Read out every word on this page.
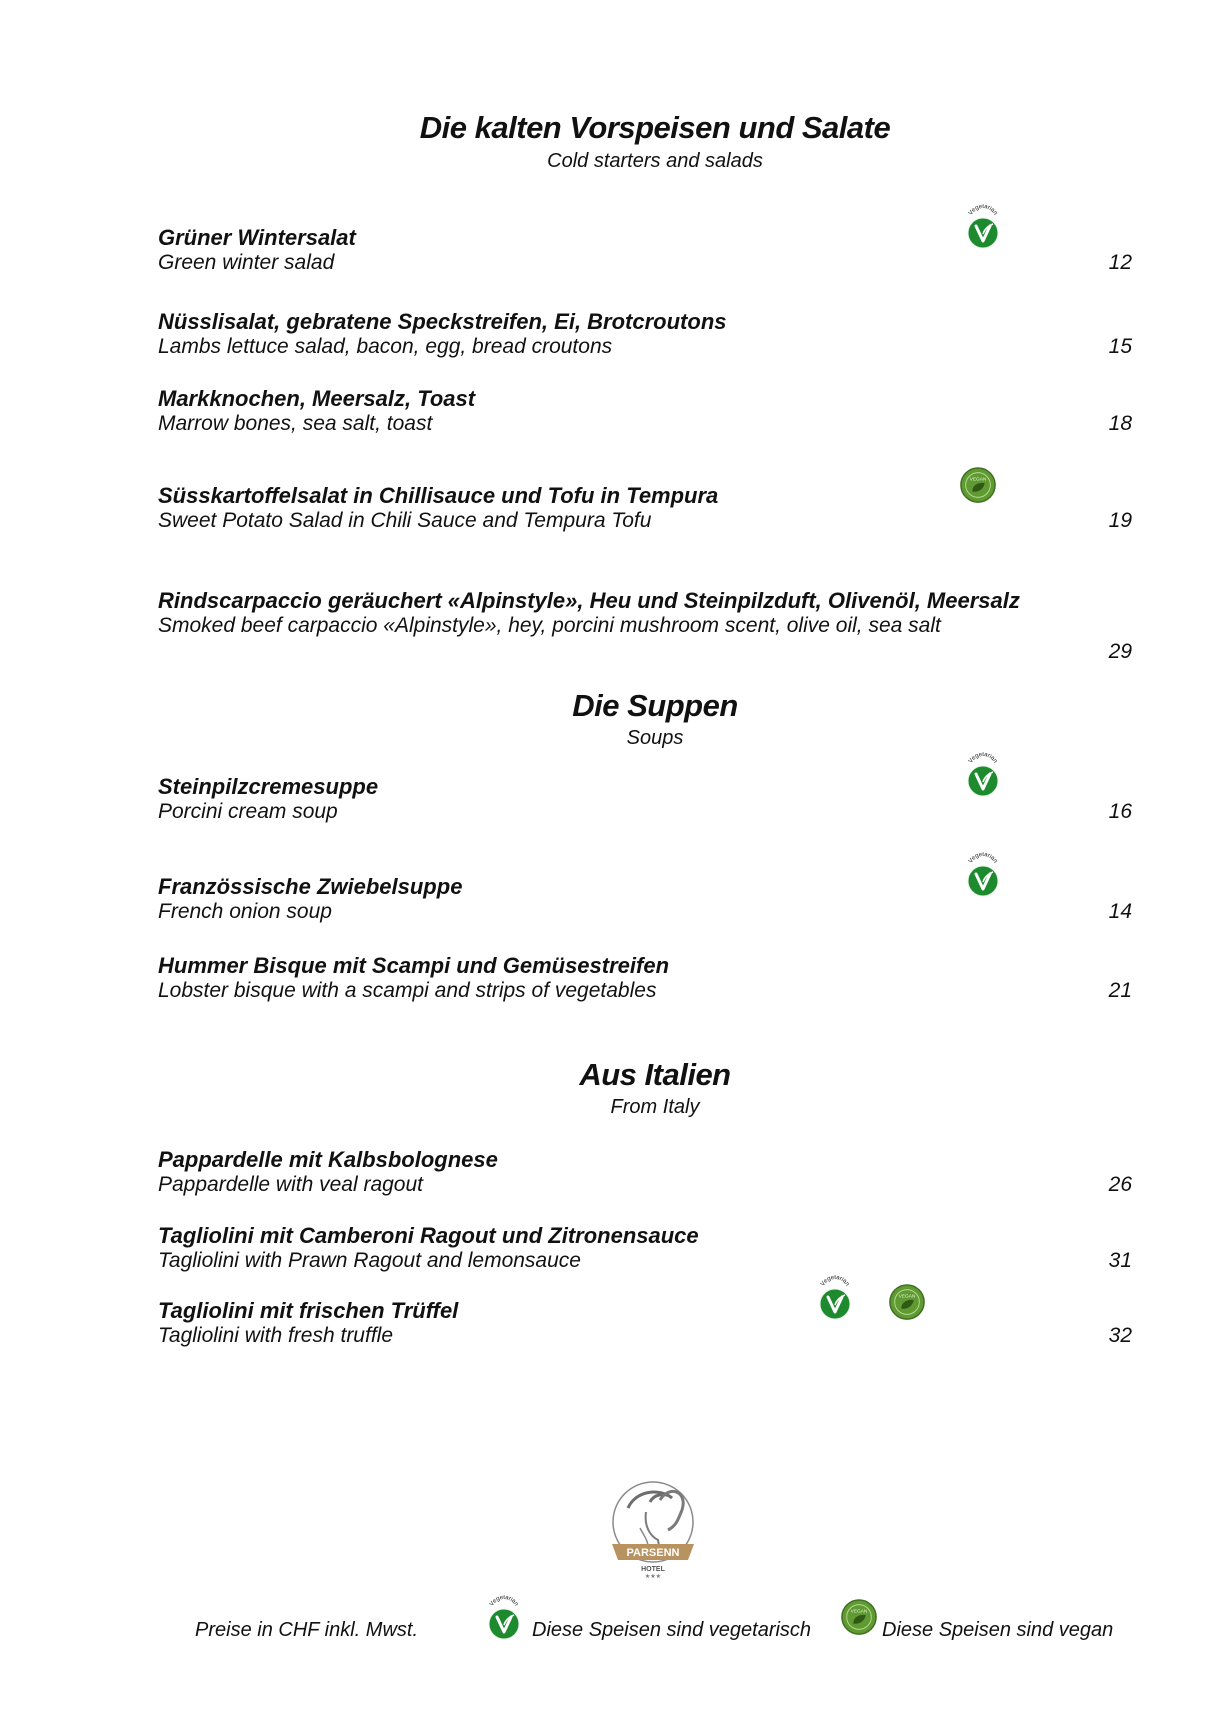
Die kalten Vorspeisen und Salate
Cold starters and salads
Grüner Wintersalat
Green winter salad	12
Nüsslisalat, gebratene Speckstreifen, Ei, Brotcroutons
Lambs lettuce salad, bacon, egg, bread croutons	15
Markknochen, Meersalz, Toast
Marrow bones, sea salt, toast	18
Süsskartoffelsalat in Chillisauce und Tofu in Tempura
Sweet Potato Salad in Chili Sauce and Tempura Tofu	19
Rindscarpaccio geräuchert «Alpinstyle», Heu und Steinpilzduft, Olivenöl, Meersalz
Smoked beef carpaccio «Alpinstyle», hey, porcini mushroom scent, olive oil, sea salt
29
Die Suppen
Soups
Steinpilzcremesuppe
Porcini cream soup	16
Französsische Zwiebelsuppe
French onion soup	14
Hummer Bisque mit Scampi und Gemüsestreifen
Lobster bisque with a scampi and strips of vegetables	21
Aus Italien
From Italy
Pappardelle mit Kalbsbolognese
Pappardelle with veal ragout	26
Tagliolini mit Camberoni Ragout und Zitronensauce
Tagliolini with Prawn Ragout and lemonsauce	31
Tagliolini mit frischen Trüffel
Tagliolini with fresh truffle	32
PARSENN
HOTEL
★★★
Preise in CHF inkl. Mwst.	Diese Speisen sind vegetarisch	Diese Speisen sind vegan
